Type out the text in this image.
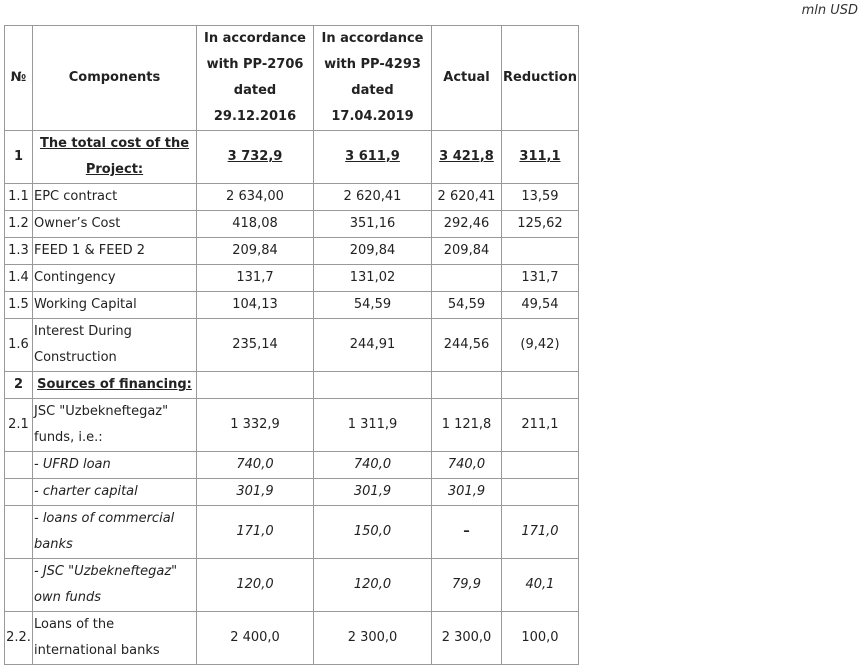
mln USD
№	Components	In accordance with PP-2706 dated 29.12.2016	In accordance with PP-4293 dated 17.04.2019	Actual	Reduction
1	The total cost of the Project:	3 732,9	3 611,9	3 421,8	311,1
1.1	EPC contract	2 634,00	2 620,41	2 620,41	13,59
1.2	Owner’s Cost	418,08	351,16	292,46	125,62
1.3	FEED 1 & FEED 2	209,84	209,84	209,84	
1.4	Contingency	131,7	131,02		131,7
1.5	Working Capital	104,13	54,59	54,59	49,54
1.6	Interest During Construction	235,14	244,91	244,56	(9,42)
2	Sources of financing:				
2.1	JSC "Uzbekneftegaz" funds, i.e.:	1 332,9	1 311,9	1 121,8	211,1
	- UFRD loan	740,0	740,0	740,0	
	- charter capital	301,9	301,9	301,9	
	- loans of commercial banks	171,0	150,0	–	171,0
	- JSC "Uzbekneftegaz" own funds	120,0	120,0	79,9	40,1
2.2.	Loans of the international banks	2 400,0	2 300,0	2 300,0	100,0
